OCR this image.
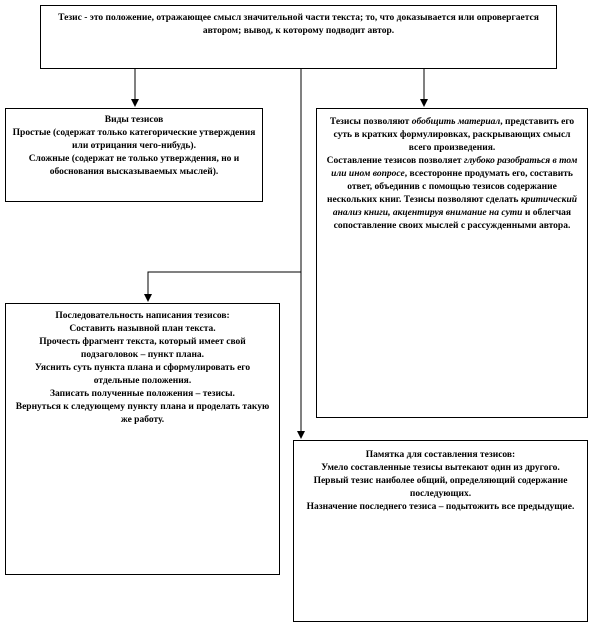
Тезис - это положение, отражающее смысл значительной части текста; то, что доказывается или опровергается автором; вывод, к которому подводит автор.

Виды тезисов

Простые (содержат только категорические утверждения или отрицания чего-нибудь).

Сложные (содержат не только утверждения, но и обоснования высказываемых мыслей).

Тезисы позволяют обобщить материал, представить его суть в кратких формулировках, раскрывающих смысл всего произведения.

Составление тезисов позволяет глубоко разобраться в том или ином вопросе, всесторонне продумать его, составить ответ, объединив с помощью тезисов содержание нескольких книг. Тезисы позволяют сделать критический анализ книги, акцентируя внимание на сути и облегчая сопоставление своих мыслей с рассужденными автора.

Последовательность написания тезисов:

Составить назывной план текста.

Прочесть фрагмент текста, который имеет свой подзаголовок – пункт плана.

Уяснить суть пункта плана и сформулировать его отдельные положения.

Записать полученные положения – тезисы.

Вернуться к следующему пункту плана и проделать такую же работу.

Памятка для составления тезисов:

Умело составленные тезисы вытекают один из другого.

Первый тезис наиболее общий, определяющий содержание последующих.

Назначение последнего тезиса – подытожить все предыдущие.
